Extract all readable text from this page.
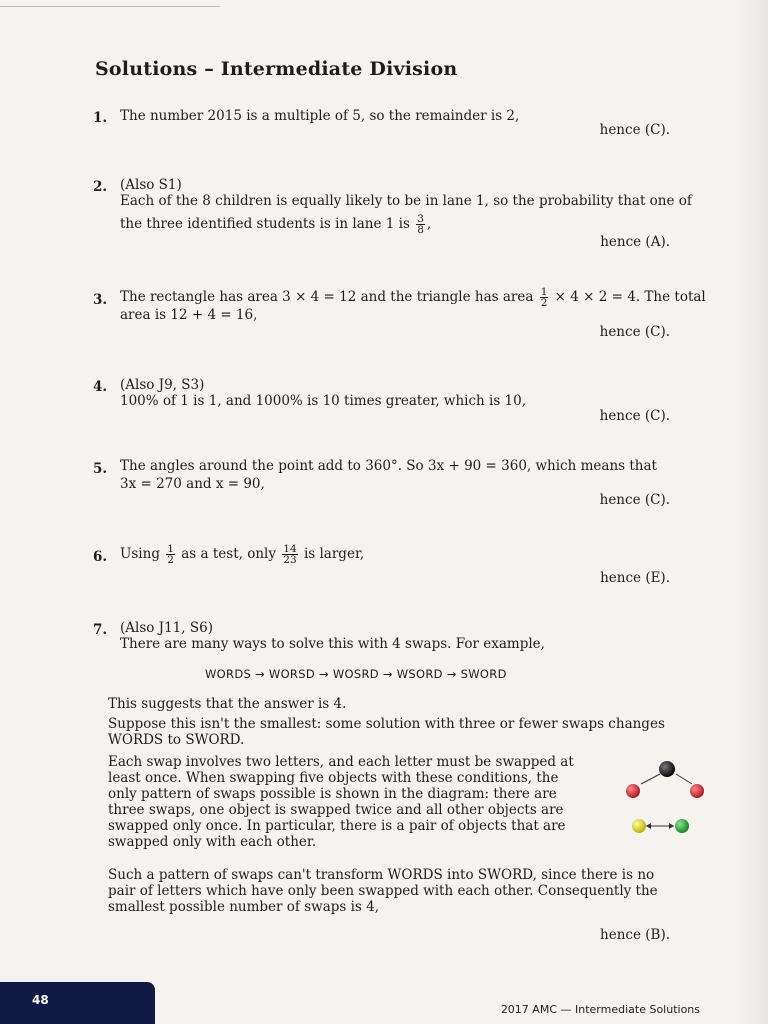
Solutions – Intermediate Division
1. The number 2015 is a multiple of 5, so the remainder is 2,
hence (C).
2. (Also S1)
Each of the 8 children is equally likely to be in lane 1, so the probability that one of
the three identified students is in lane 1 is $\frac{3}{8}$ ,
hence (A).
3. The rectangle has area 3 × 4 = 12 and the triangle has area $\frac{1}{2} \times 4 \times 2 = 4$. The total
area is 12 + 4 = 16,
hence (C).
4. (Also J9, S3)
100% of 1 is 1, and 1000% is 10 times greater, which is 10,
hence (C).
5. The angles around the point add to 360°. So 3x + 90 = 360, which means that
3x = 270 and x = 90,
hence (C).
6. Using $\frac{1}{2}$ as a test, only $\frac{14}{23}$ is larger,
hence (E).
7. (Also J11, S6)
There are many ways to solve this with 4 swaps. For example,
WORDS → WORSD → WOSRD → WSORD → SWORD
This suggests that the answer is 4.
Suppose this isn't the smallest: some solution with three or fewer swaps changes WORDS to SWORD.
Each swap involves two letters, and each letter must be swapped at least once. When swapping five objects with these conditions, the only pattern of swaps possible is shown in the diagram: there are three swaps, one object is swapped twice and all other objects are swapped only once. In particular, there is a pair of objects that are swapped only with each other.
Such a pattern of swaps can't transform WORDS into SWORD, since there is no pair of letters which have only been swapped with each other. Consequently the smallest possible number of swaps is 4,
hence (B).
48
2017 AMC — Intermediate Solutions
